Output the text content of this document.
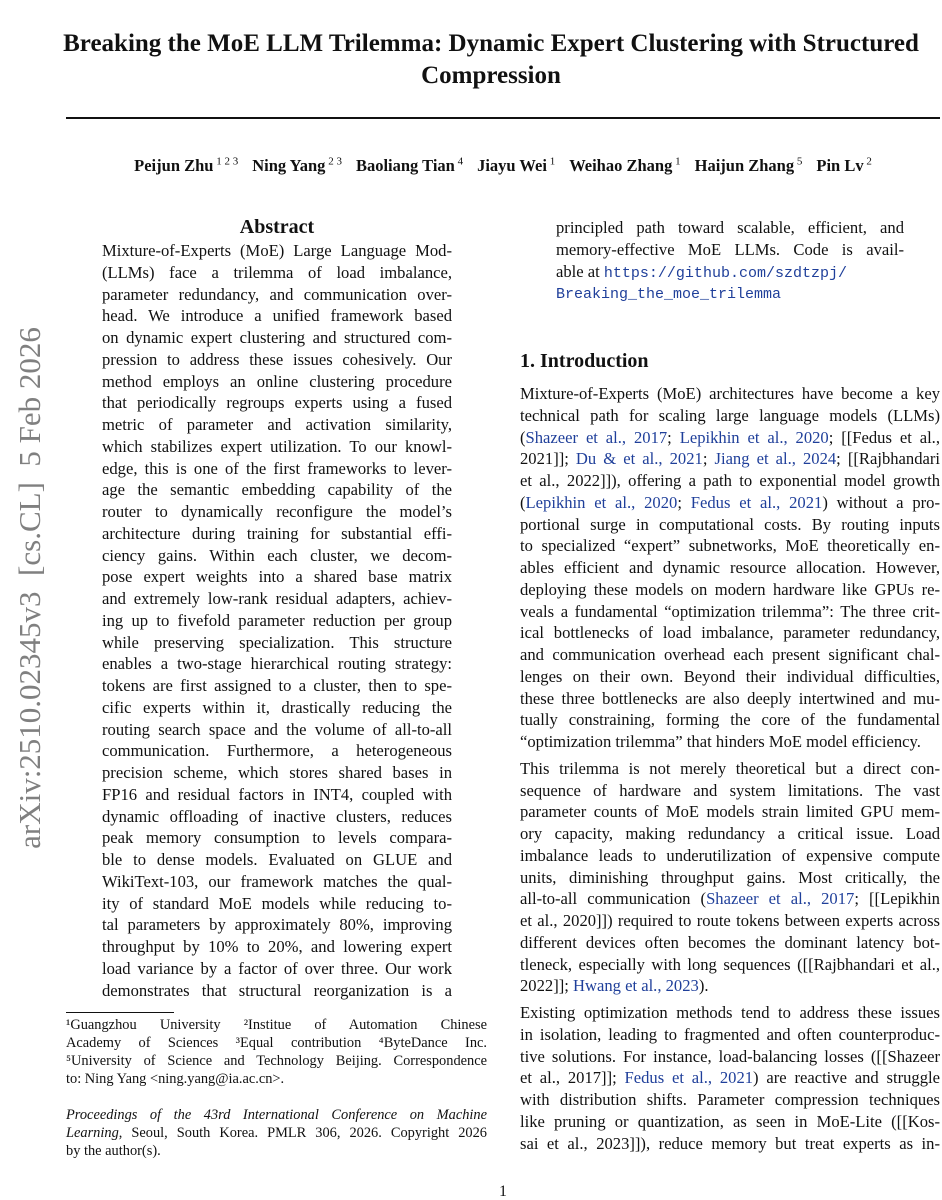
arXiv:2510.02345v3  [cs.CL]  5 Feb 2026
Breaking the MoE LLM Trilemma: Dynamic Expert Clustering with Structured
Compression
Peijun Zhu $^{1 2 3}$ Ning Yang $^{2 3}$ Baoliang Tian $^4$ Jiayu Wei $^1$ Weihao Zhang $^1$ Haijun Zhang $^5$ Pin Lv $^2$
Abstract
Mixture-of-Experts (MoE) Large Language Mod-
(LLMs) face a trilemma of load imbalance,
parameter redundancy, and communication over-
head. We introduce a unified framework based
on dynamic expert clustering and structured com-
pression to address these issues cohesively. Our
method employs an online clustering procedure
that periodically regroups experts using a fused
metric of parameter and activation similarity,
which stabilizes expert utilization. To our knowl-
edge, this is one of the first frameworks to lever-
age the semantic embedding capability of the
router to dynamically reconfigure the model’s
architecture during training for substantial effi-
ciency gains. Within each cluster, we decom-
pose expert weights into a shared base matrix
and extremely low-rank residual adapters, achiev-
ing up to fivefold parameter reduction per group
while preserving specialization. This structure
enables a two-stage hierarchical routing strategy:
tokens are first assigned to a cluster, then to spe-
cific experts within it, drastically reducing the
routing search space and the volume of all-to-all
communication. Furthermore, a heterogeneous
precision scheme, which stores shared bases in
FP16 and residual factors in INT4, coupled with
dynamic offloading of inactive clusters, reduces
peak memory consumption to levels compara-
ble to dense models. Evaluated on GLUE and
WikiText-103, our framework matches the qual-
ity of standard MoE models while reducing to-
tal parameters by approximately 80%, improving
throughput by 10% to 20%, and lowering expert
load variance by a factor of over three. Our work
demonstrates that structural reorganization is a
¹Guangzhou University ²Institue of Automation Chinese
Academy of Sciences ³Equal contribution ⁴ByteDance Inc.
⁵University of Science and Technology Beijing. Correspondence
to: Ning Yang <ning.yang@ia.ac.cn>.
Proceedings of the 43rd International Conference on Machine
Learning, Seoul, South Korea. PMLR 306, 2026. Copyright 2026
by the author(s).
principled path toward scalable, efficient, and
memory-effective MoE LLMs. Code is avail-
able at https://github.com/szdtzpj/
Breaking_the_moe_trilemma
1. Introduction
Mixture-of-Experts (MoE) architectures have become a key
technical path for scaling large language models (LLMs)
(Shazeer et al., 2017; Lepikhin et al., 2020; [[Fedus et al.,
2021]]; Du & et al., 2021; Jiang et al., 2024; [[Rajbhandari
et al., 2022]]), offering a path to exponential model growth
(Lepikhin et al., 2020; Fedus et al., 2021) without a pro-
portional surge in computational costs. By routing inputs
to specialized “expert” subnetworks, MoE theoretically en-
ables efficient and dynamic resource allocation. However,
deploying these models on modern hardware like GPUs re-
veals a fundamental “optimization trilemma”: The three crit-
ical bottlenecks of load imbalance, parameter redundancy,
and communication overhead each present significant chal-
lenges on their own. Beyond their individual difficulties,
these three bottlenecks are also deeply intertwined and mu-
tually constraining, forming the core of the fundamental
“optimization trilemma” that hinders MoE model efficiency.
This trilemma is not merely theoretical but a direct con-
sequence of hardware and system limitations. The vast
parameter counts of MoE models strain limited GPU mem-
ory capacity, making redundancy a critical issue. Load
imbalance leads to underutilization of expensive compute
units, diminishing throughput gains. Most critically, the
all-to-all communication (Shazeer et al., 2017; [[Lepikhin
et al., 2020]]) required to route tokens between experts across
different devices often becomes the dominant latency bot-
tleneck, especially with long sequences ([[Rajbhandari et al.,
2022]]; Hwang et al., 2023).
Existing optimization methods tend to address these issues
in isolation, leading to fragmented and often counterproduc-
tive solutions. For instance, load-balancing losses ([[Shazeer
et al., 2017]]; Fedus et al., 2021) are reactive and struggle
with distribution shifts. Parameter compression techniques
like pruning or quantization, as seen in MoE-Lite ([[Kos-
sai et al., 2023]]), reduce memory but treat experts as in-
1
